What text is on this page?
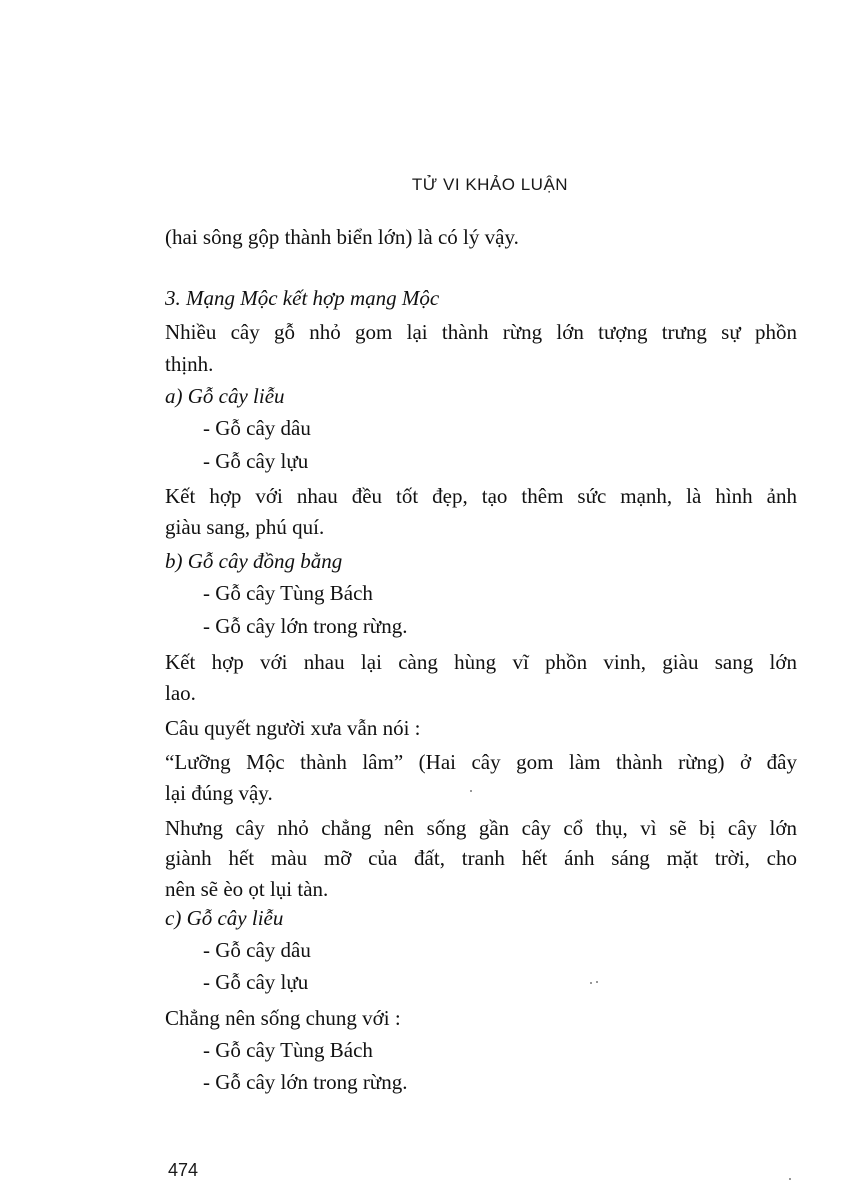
TỬ VI KHẢO LUẬN
(hai sông gộp thành biển lớn) là có lý vậy.
3. Mạng Mộc kết hợp mạng Mộc
Nhiều cây gỗ nhỏ gom lại thành rừng lớn tượng trưng sự phồn
thịnh.
a) Gỗ cây liễu
- Gỗ cây dâu
- Gỗ cây lựu
Kết hợp với nhau đều tốt đẹp, tạo thêm sức mạnh, là hình ảnh
giàu sang, phú quí.
b) Gỗ cây đồng bằng
- Gỗ cây Tùng Bách
- Gỗ cây lớn trong rừng.
Kết hợp với nhau lại càng hùng vĩ phồn vinh, giàu sang lớn
lao.
Câu quyết người xưa vẫn nói :
“Lưỡng Mộc thành lâm” (Hai cây gom làm thành rừng) ở đây
lại đúng vậy.
Nhưng cây nhỏ chẳng nên sống gần cây cổ thụ, vì sẽ bị cây lớn
giành hết màu mỡ của đất, tranh hết ánh sáng mặt trời, cho
nên sẽ èo ọt lụi tàn.
c) Gỗ cây liễu
- Gỗ cây dâu
- Gỗ cây lựu
Chẳng nên sống chung với :
- Gỗ cây Tùng Bách
- Gỗ cây lớn trong rừng.
474
